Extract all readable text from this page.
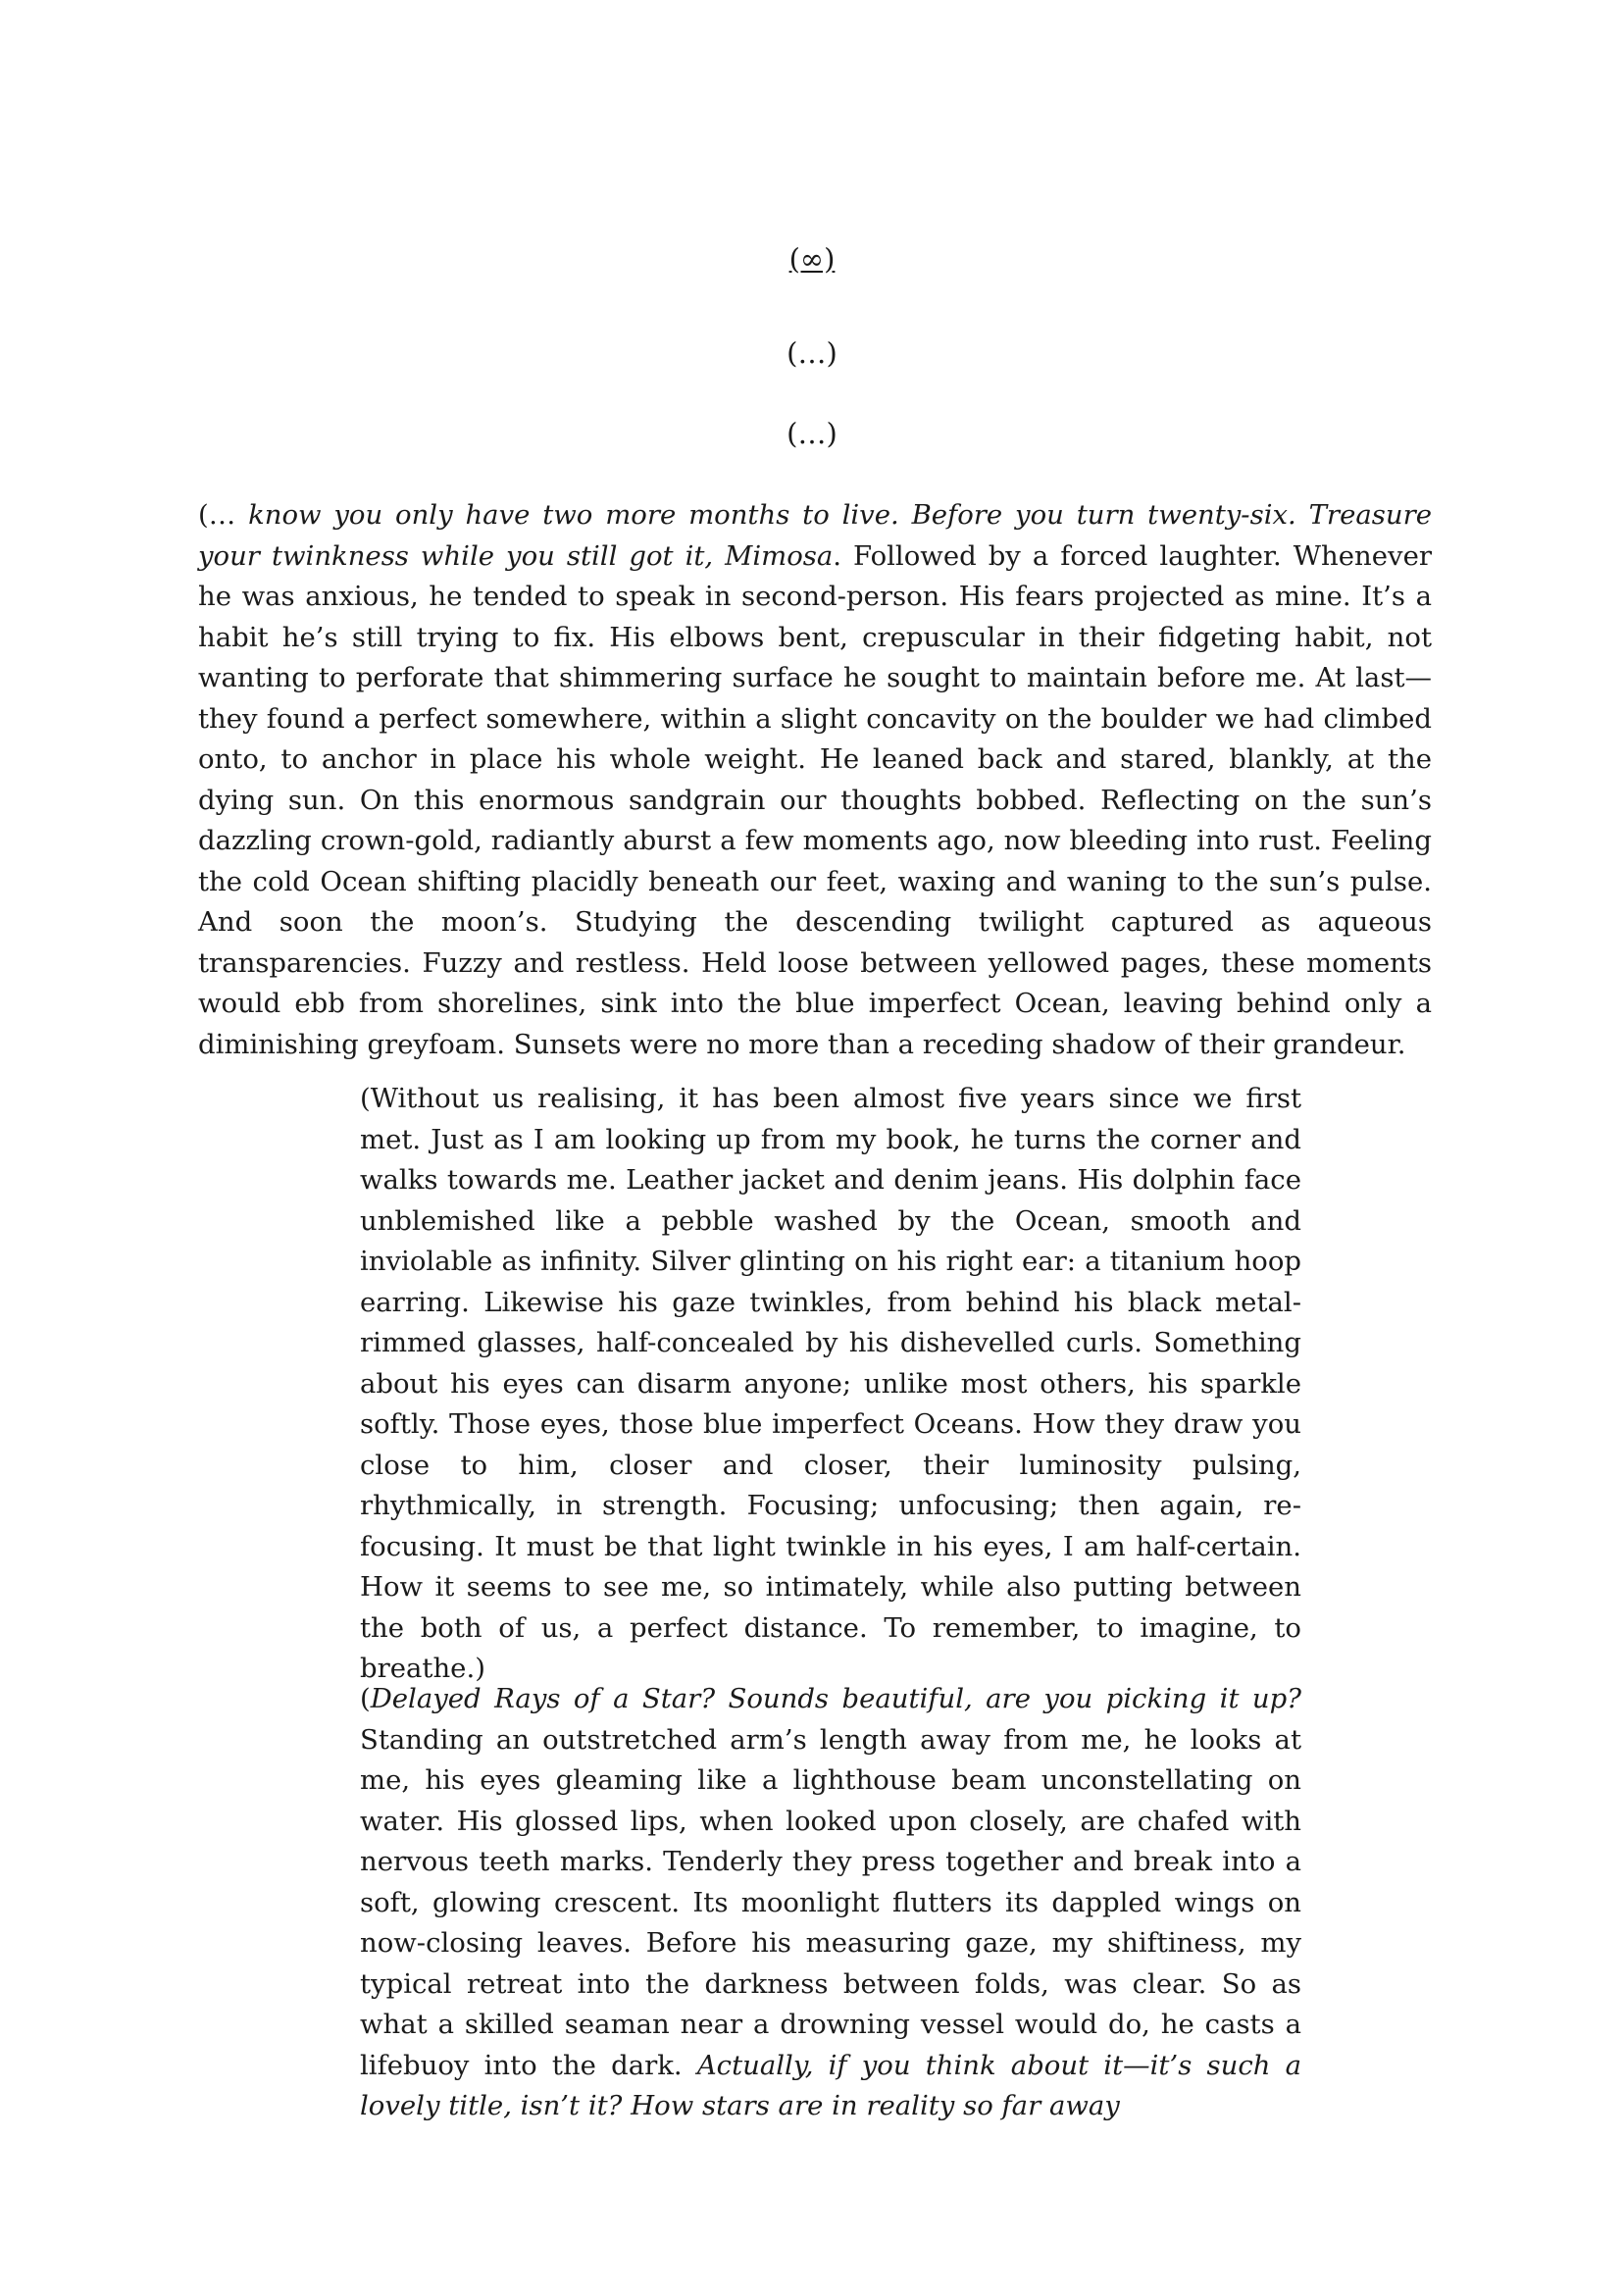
(∞)
(…)
(…)

(… know you only have two more months to live. Before you turn twenty-six. Treasure your twinkness while you still got it, Mimosa. Followed by a forced laughter. Whenever he was anxious, he tended to speak in second-person. His fears projected as mine. It’s a habit he’s still trying to fix. His elbows bent, crepuscular in their fidgeting habit, not wanting to perforate that shimmering surface he sought to maintain before me. At last—they found a perfect somewhere, within a slight concavity on the boulder we had climbed onto, to anchor in place his whole weight. He leaned back and stared, blankly, at the dying sun. On this enormous sandgrain our thoughts bobbed. Reflecting on the sun’s dazzling crown-gold, radiantly aburst a few moments ago, now bleeding into rust. Feeling the cold Ocean shifting placidly beneath our feet, waxing and waning to the sun’s pulse. And soon the moon’s. Studying the descending twilight captured as aqueous transparencies. Fuzzy and restless. Held loose between yellowed pages, these moments would ebb from shorelines, sink into the blue imperfect Ocean, leaving behind only a diminishing greyfoam. Sunsets were no more than a receding shadow of their grandeur.

(Without us realising, it has been almost five years since we first met. Just as I am looking up from my book, he turns the corner and walks towards me. Leather jacket and denim jeans. His dolphin face unblemished like a pebble washed by the Ocean, smooth and inviolable as infinity. Silver glinting on his right ear: a titanium hoop earring. Likewise his gaze twinkles, from behind his black metal-rimmed glasses, half-concealed by his dishevelled curls. Something about his eyes can disarm anyone; unlike most others, his sparkle softly. Those eyes, those blue imperfect Oceans. How they draw you close to him, closer and closer, their luminosity pulsing, rhythmically, in strength. Focusing; unfocusing; then again, re-focusing. It must be that light twinkle in his eyes, I am half-certain. How it seems to see me, so intimately, while also putting between the both of us, a perfect distance. To remember, to imagine, to breathe.)

(Delayed Rays of a Star? Sounds beautiful, are you picking it up? Standing an outstretched arm’s length away from me, he looks at me, his eyes gleaming like a lighthouse beam unconstellating on water. His glossed lips, when looked upon closely, are chafed with nervous teeth marks. Tenderly they press together and break into a soft, glowing crescent. Its moonlight flutters its dappled wings on now-closing leaves. Before his measuring gaze, my shiftiness, my typical retreat into the darkness between folds, was clear. So as what a skilled seaman near a drowning vessel would do, he casts a lifebuoy into the dark. Actually, if you think about it—it’s such a lovely title, isn’t it? How stars are in reality so far away
